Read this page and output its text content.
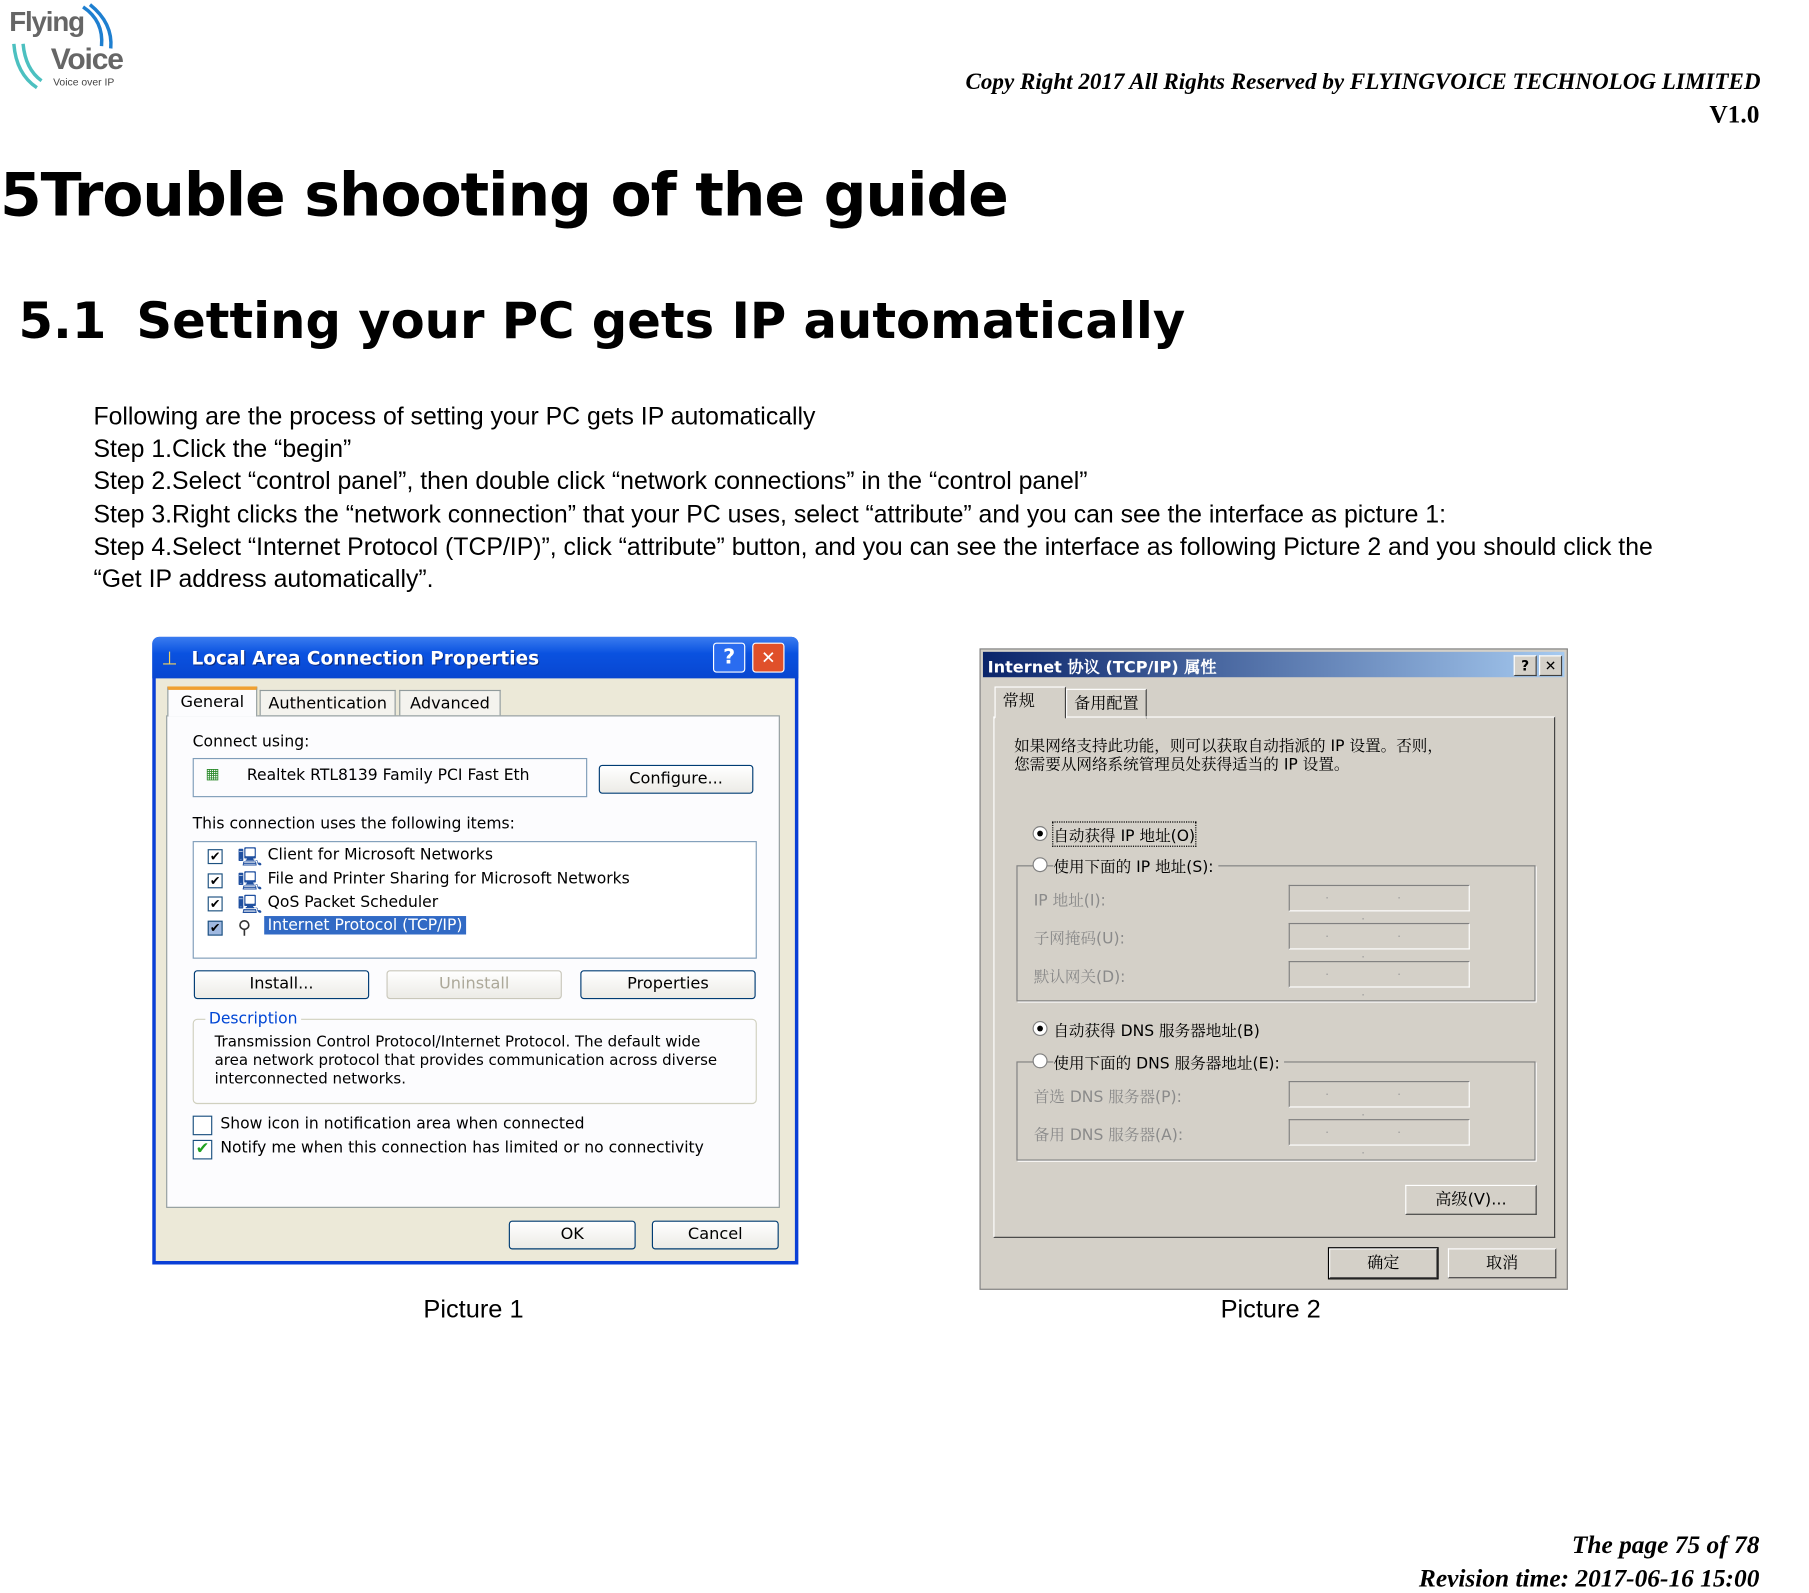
Flying
Voice
Voice over IP	Copy Right 2017 All Rights Reserved by FLYINGVOICE TECHNOLOG LIMITED
V1.0
5Trouble shooting of the guide
5.1 Setting your PC gets IP automatically
Following are the process of setting your PC gets IP automatically
Step 1.Click the “begin”
Step 2.Select “control panel”, then double click “network connections” in the “control panel”
Step 3.Right clicks the “network connection” that your PC uses, select “attribute” and you can see the interface as picture 1:
Step 4.Select “Internet Protocol (TCP/IP)”, click “attribute” button, and you can see the interface as following Picture 2 and you should click the
“Get IP address automatically”.
⊥ Local Area Connection Properties	?	✕
General	Authentication	Advanced
Connect using:
▦ Realtek RTL8139 Family PCI Fast Eth	Configure...
This connection uses the following items:
✔ 🖳 Client for Microsoft Networks
✔ 🖳 File and Printer Sharing for Microsoft Networks
✔ 🖳 QoS Packet Scheduler
✔ ⚲ Internet Protocol (TCP/IP)
Install...	Uninstall	Properties
Description
Transmission Control Protocol/Internet Protocol. The default wide area network protocol that provides communication across diverse interconnected networks.
Show icon in notification area when connected
✔ Notify me when this connection has limited or no connectivity
OK	Cancel
Picture 1
Internet 协议 (TCP/IP) 属性	?	✕
常规	备用配置
如果网络支持此功能，则可以获取自动指派的 IP 设置。否则，
您需要从网络系统管理员处获得适当的 IP 设置。
自动获得 IP 地址(O)
IP 地址(I):	. . .
子网掩码(U):	. . .
默认网关(D):	. . .
使用下面的 IP 地址(S):
自动获得 DNS 服务器地址(B)
首选 DNS 服务器(P):	. . .
备用 DNS 服务器(A):	. . .
使用下面的 DNS 服务器地址(E):
高级(V)...
确定	取消
Picture 2
The page 75 of 78
Revision time: 2017-06-16 15:00
